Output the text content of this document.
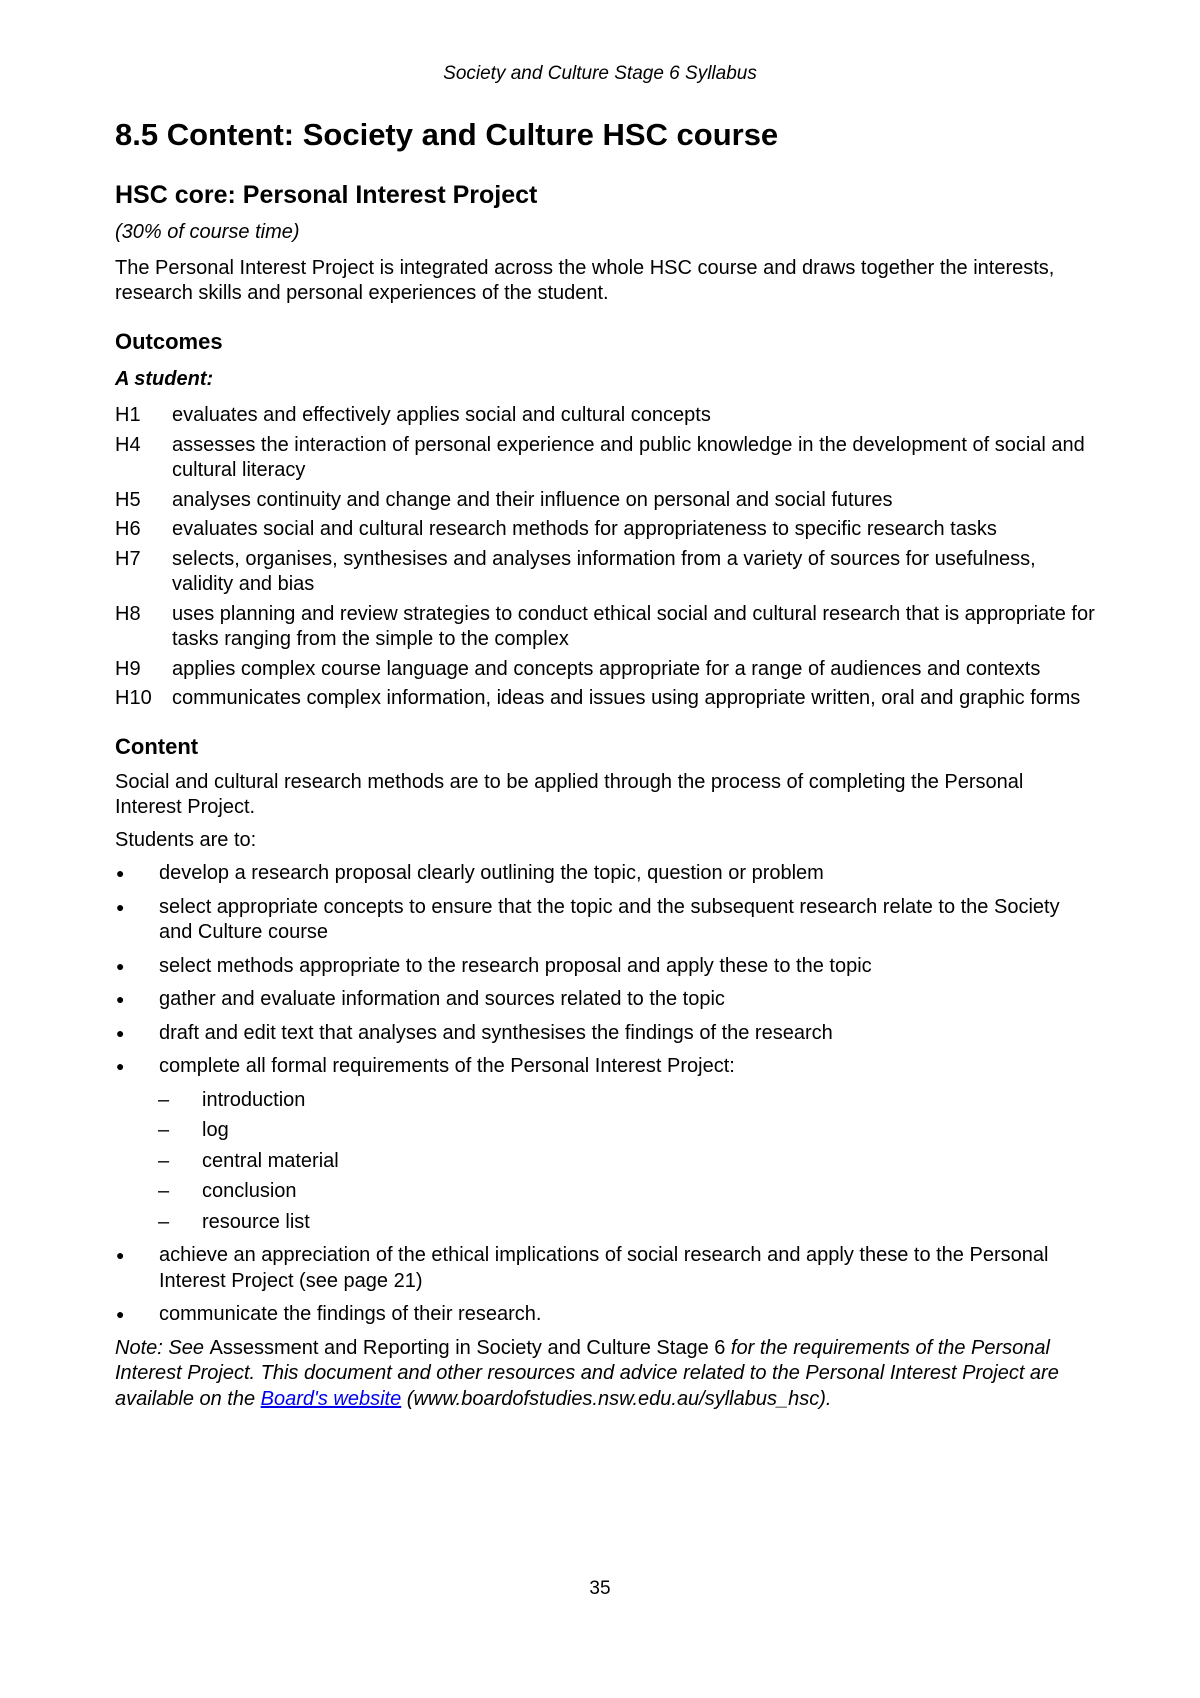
Society and Culture Stage 6 Syllabus
8.5 Content: Society and Culture HSC course
HSC core: Personal Interest Project

(30% of course time)

The Personal Interest Project is integrated across the whole HSC course and draws together the interests, research skills and personal experiences of the student.

Outcomes

A student:

H1	evaluates and effectively applies social and cultural concepts
H4	assesses the interaction of personal experience and public knowledge in the development of social and cultural literacy
H5	analyses continuity and change and their influence on personal and social futures
H6	evaluates social and cultural research methods for appropriateness to specific research tasks
H7	selects, organises, synthesises and analyses information from a variety of sources for usefulness, validity and bias
H8	uses planning and review strategies to conduct ethical social and cultural research that is appropriate for tasks ranging from the simple to the complex
H9	applies complex course language and concepts appropriate for a range of audiences and contexts
H10	communicates complex information, ideas and issues using appropriate written, oral and graphic forms
Content

Social and cultural research methods are to be applied through the process of completing the Personal Interest Project.

Students are to:

●	develop a research proposal clearly outlining the topic, question or problem
●	select appropriate concepts to ensure that the topic and the subsequent research relate to the Society and Culture course
●	select methods appropriate to the research proposal and apply these to the topic
●	gather and evaluate information and sources related to the topic
●	draft and edit text that analyses and synthesises the findings of the research
●	complete all formal requirements of the Personal Interest Project:
–	introduction
–	log
–	central material
–	conclusion
–	resource list
●	achieve an appreciation of the ethical implications of social research and apply these to the Personal Interest Project (see page 21)
●	communicate the findings of their research.

Note: See Assessment and Reporting in Society and Culture Stage 6 for the requirements of the Personal Interest Project. This document and other resources and advice related to the Personal Interest Project are available on the Board's website (www.boardofstudies.nsw.edu.au/syllabus_hsc).

35
